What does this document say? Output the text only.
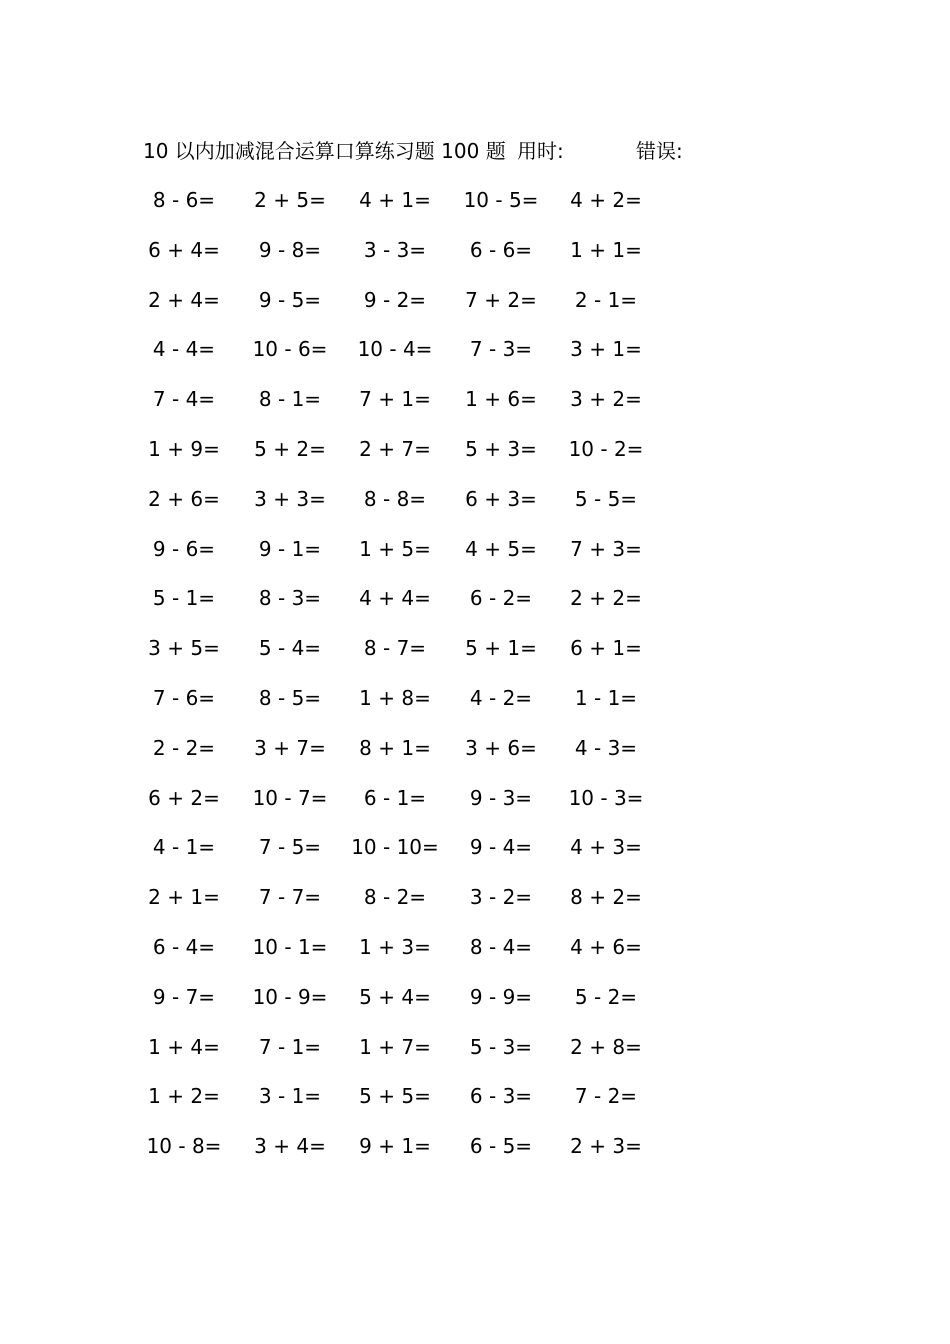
10 以内加减混合运算口算练习题 100 题 用时:	错误:
8 - 6= 2 + 5= 4 + 1= 10 - 5= 4 + 2=
6 + 4= 9 - 8= 3 - 3= 6 - 6= 1 + 1=
2 + 4= 9 - 5= 9 - 2= 7 + 2= 2 - 1=
4 - 4= 10 - 6= 10 - 4= 7 - 3= 3 + 1=
7 - 4= 8 - 1= 7 + 1= 1 + 6= 3 + 2=
1 + 9= 5 + 2= 2 + 7= 5 + 3= 10 - 2=
2 + 6= 3 + 3= 8 - 8= 6 + 3= 5 - 5=
9 - 6= 9 - 1= 1 + 5= 4 + 5= 7 + 3=
5 - 1= 8 - 3= 4 + 4= 6 - 2= 2 + 2=
3 + 5= 5 - 4= 8 - 7= 5 + 1= 6 + 1=
7 - 6= 8 - 5= 1 + 8= 4 - 2= 1 - 1=
2 - 2= 3 + 7= 8 + 1= 3 + 6= 4 - 3=
6 + 2= 10 - 7= 6 - 1= 9 - 3= 10 - 3=
4 - 1= 7 - 5= 10 - 10= 9 - 4= 4 + 3=
2 + 1= 7 - 7= 8 - 2= 3 - 2= 8 + 2=
6 - 4= 10 - 1= 1 + 3= 8 - 4= 4 + 6=
9 - 7= 10 - 9= 5 + 4= 9 - 9= 5 - 2=
1 + 4= 7 - 1= 1 + 7= 5 - 3= 2 + 8=
1 + 2= 3 - 1= 5 + 5= 6 - 3= 7 - 2=
10 - 8= 3 + 4= 9 + 1= 6 - 5= 2 + 3=
